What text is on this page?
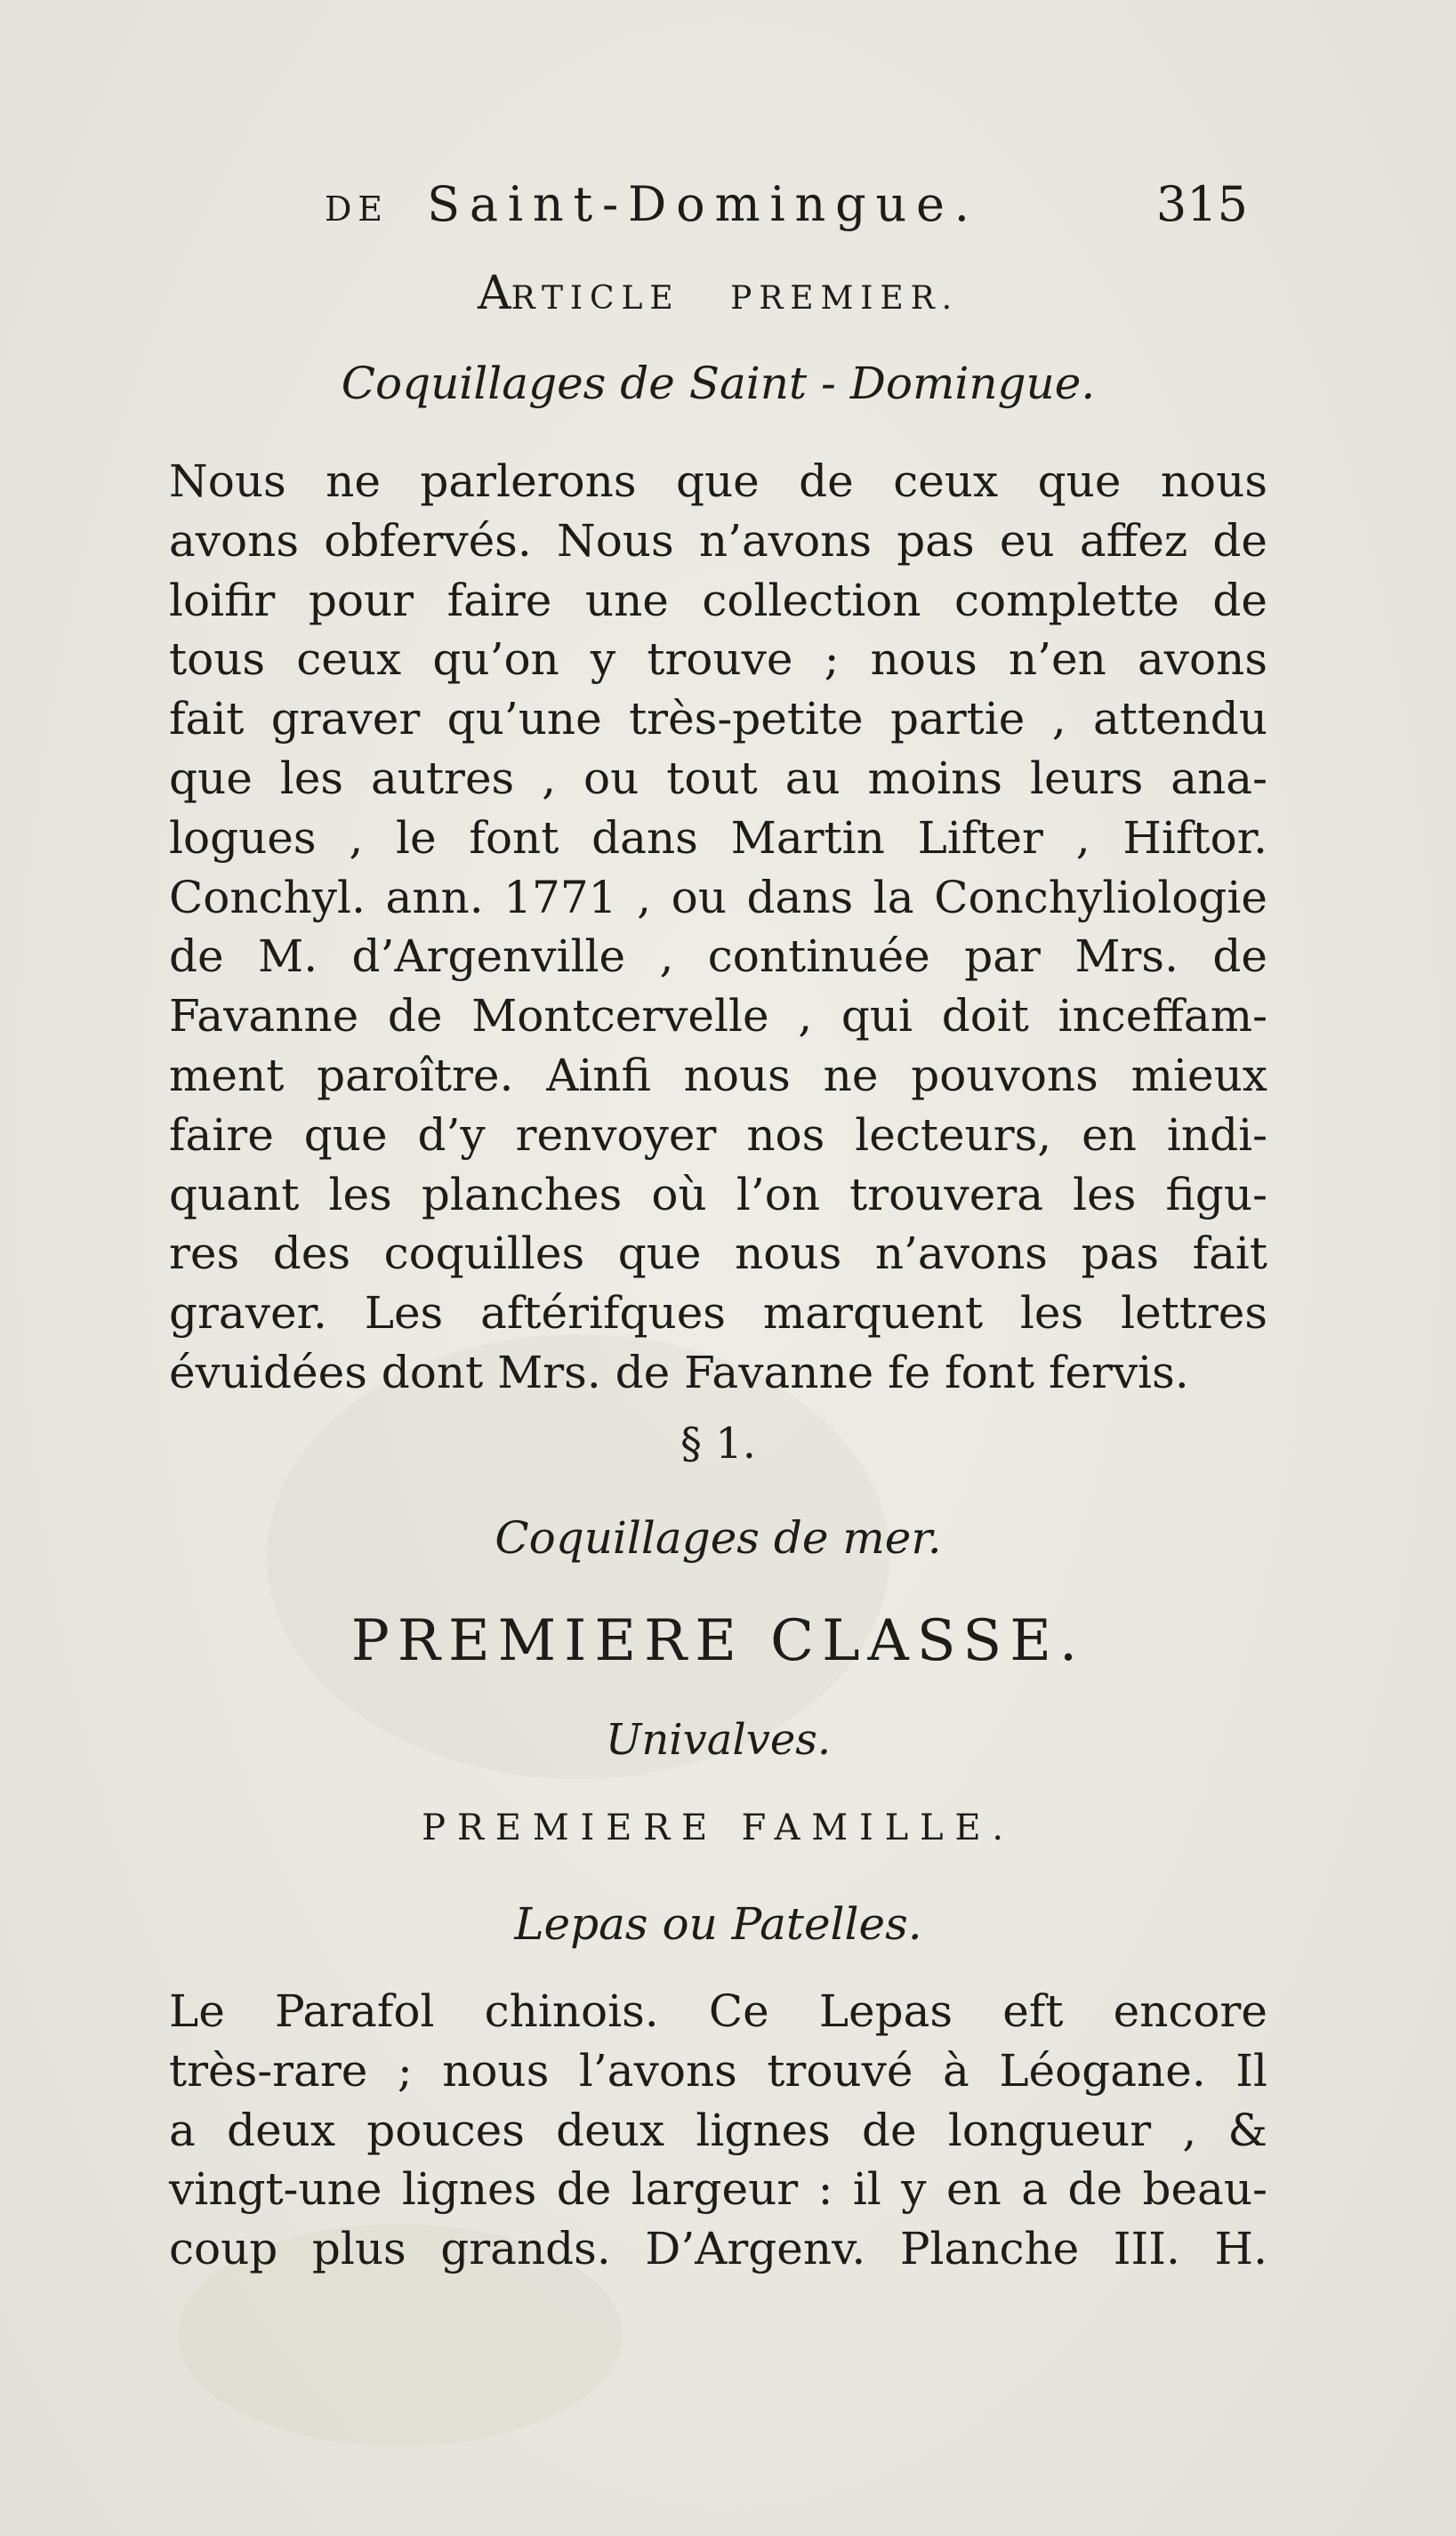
DE Saint-Domingue.	315
ARTICLE PREMIER.
Coquillages de Saint - Domingue.
Nous ne parlerons que de ceux que nous
avons obfervés. Nous n’avons pas eu affez de
loifir pour faire une collection complette de
tous ceux qu’on y trouve ; nous n’en avons
fait graver qu’une très-petite partie , attendu
que les autres , ou tout au moins leurs ana-
logues , le font dans Martin Lifter , Hiftor.
Conchyl. ann. 1771 , ou dans la Conchyliologie
de M. d’Argenville , continuée par Mrs. de
Favanne de Montcervelle , qui doit inceffam-
ment paroître. Ainfi nous ne pouvons mieux
faire que d’y renvoyer nos lecteurs, en indi-
quant les planches où l’on trouvera les figu-
res des coquilles que nous n’avons pas fait
graver. Les aftérifques marquent les lettres
évuidées dont Mrs. de Favanne fe font fervis.
§ 1.
Coquillages de mer.
PREMIERE CLASSE.
Univalves.
PREMIERE FAMILLE.
Lepas ou Patelles.
Le Parafol chinois. Ce Lepas eft encore
très-rare ; nous l’avons trouvé à Léogane. Il
a deux pouces deux lignes de longueur , &
vingt-une lignes de largeur : il y en a de beau-
coup plus grands. D’Argenv. Planche III. H.
